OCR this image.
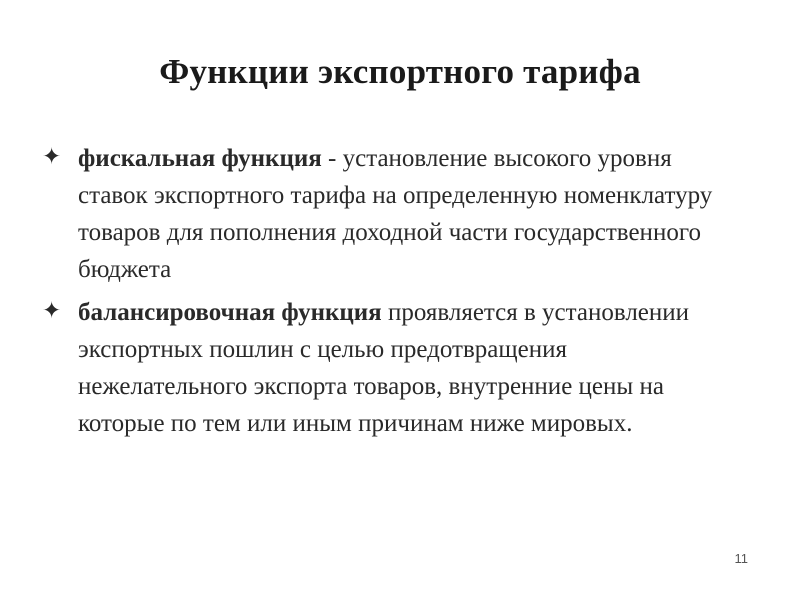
Функции экспортного тарифа
✦ фискальная функция - установление высокого уровня ставок экспортного тарифа на определенную номенклатуру товаров для пополнения доходной части государственного бюджета
✦ балансировочная функция проявляется в установлении экспортных пошлин с целью предотвращения нежелательного экспорта товаров, внутренние цены на которые по тем или иным причинам ниже мировых.
11
